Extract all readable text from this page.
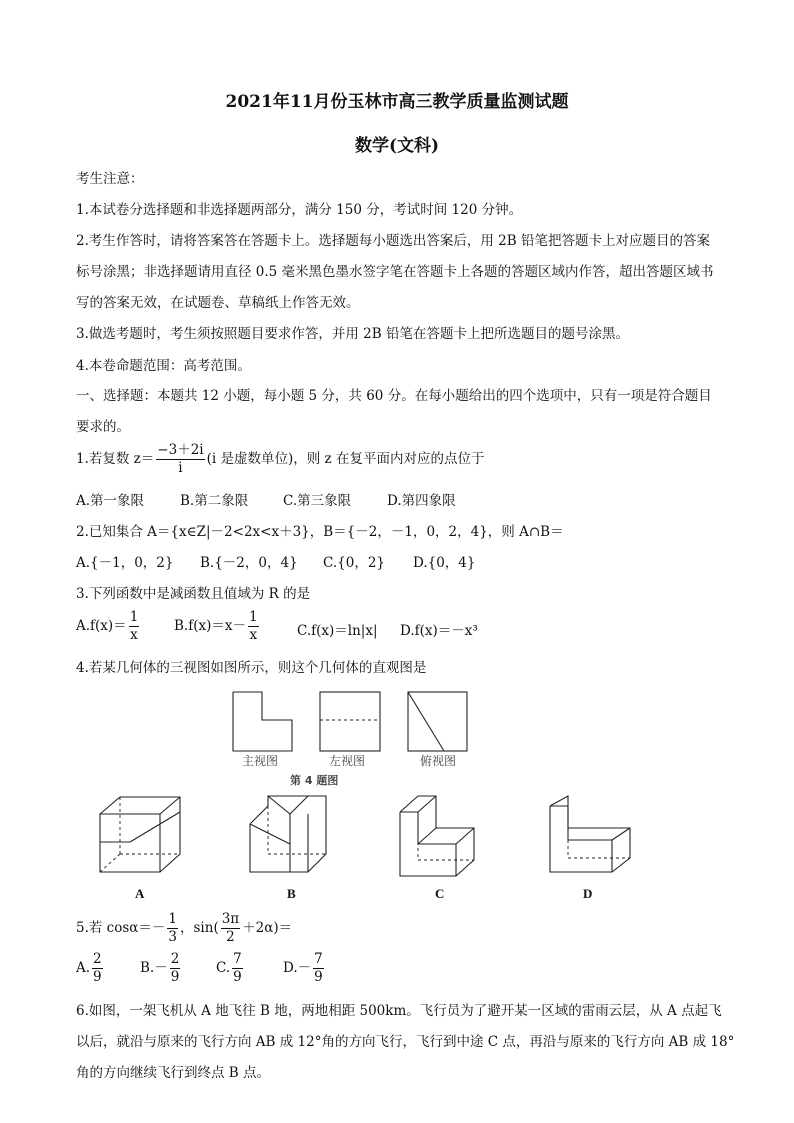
2021年11月份玉林市高三教学质量监测试题
数学(文科)
考生注意：
1.本试卷分选择题和非选择题两部分，满分 150 分，考试时间 120 分钟。
2.考生作答时，请将答案答在答题卡上。选择题每小题选出答案后，用 2B 铅笔把答题卡上对应题目的答案
标号涂黑；非选择题请用直径 0.5 毫米黑色墨水签字笔在答题卡上各题的答题区域内作答，超出答题区域书
写的答案无效，在试题卷、草稿纸上作答无效。
3.做选考题时，考生须按照题目要求作答，并用 2B 铅笔在答题卡上把所选题目的题号涂黑。
4.本卷命题范围：高考范围。
一、选择题：本题共 12 小题，每小题 5 分，共 60 分。在每小题给出的四个选项中，只有一项是符合题目
要求的。
1.若复数 $z= \frac{-3+2i}{i} (i$ 是虚数单位)，则 z 在复平面内对应的点位于
A.第一象限	B.第二象限	C.第三象限	D.第四象限
2.已知集合 A＝{x∈Z|－2<2x<x＋3}，B＝{－2，－1，0，2，4}，则 A∩B＝
A.{－1，0，2} B.{－2，0，4} C.{0，2} D.{0，4}
3.下列函数中是减函数且值域为 R 的是
$A.f(x)= \frac{1}{x}$	$B.f(x)=x- \frac{1}{x}$	C.f(x)＝ln|x| D.f(x)＝－x³
4.若某几何体的三视图如图所示，则这个几何体的直观图是
主视图	左视图	俯视图
第 4 题图
A	B	C	D
5.若 $\cos\alpha=- \frac{1}{3}$ ，$\sin( \frac{3\pi}{2} +2\alpha)=$
A. $\frac{2}{9}$	$B.- \frac{2}{9}$	C. $\frac{7}{9}$	$D.- \frac{7}{9}$
6.如图，一架飞机从 A 地飞往 B 地，两地相距 500km。飞行员为了避开某一区域的雷雨云层，从 A 点起飞
以后，就沿与原来的飞行方向 AB 成 12°角的方向飞行，飞行到中途 C 点，再沿与原来的飞行方向 AB 成 18°
角的方向继续飞行到终点 B 点。
